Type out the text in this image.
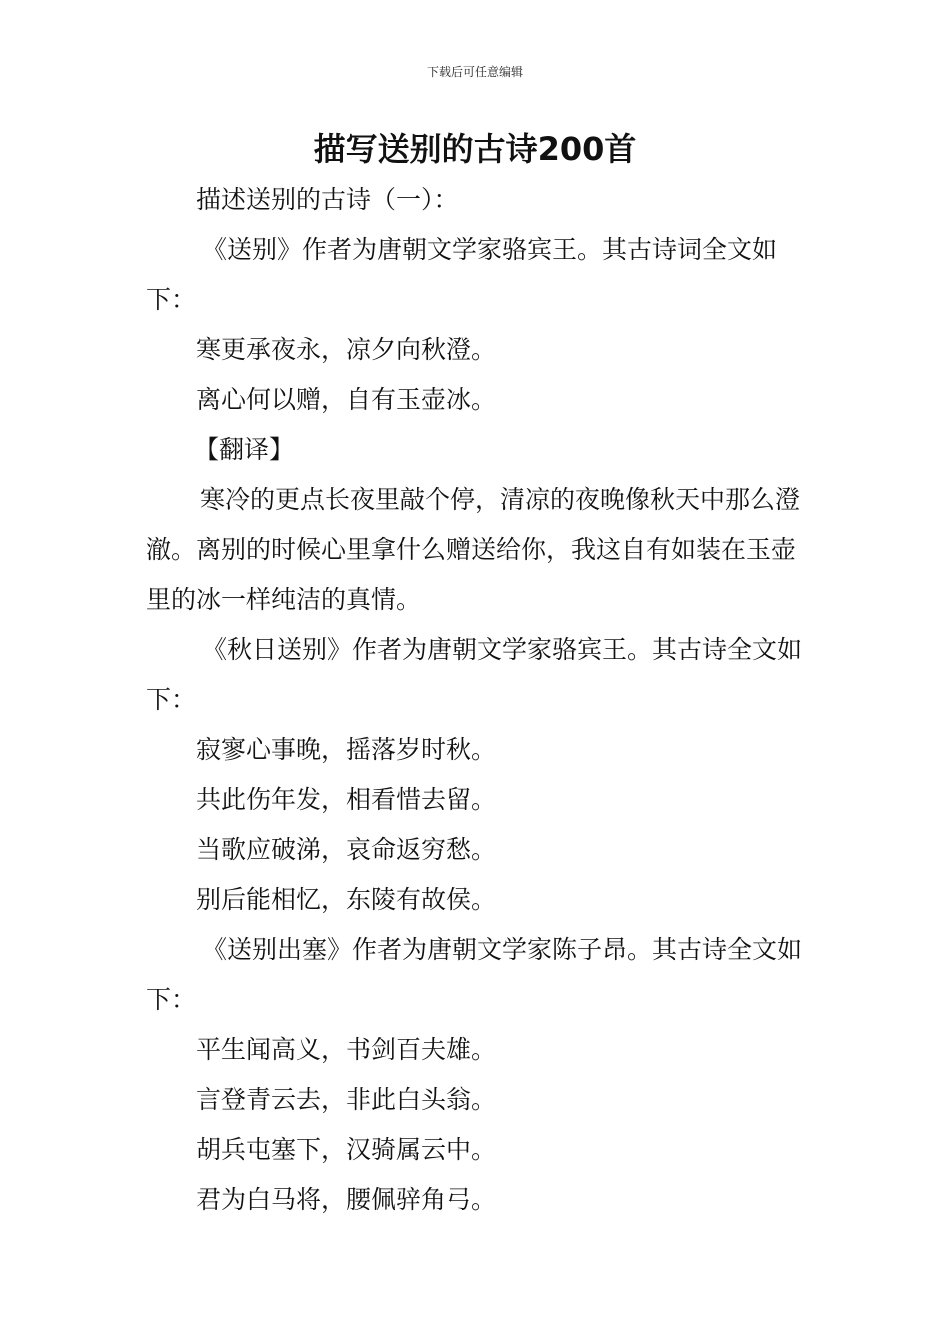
下载后可任意编辑
描写送别的古诗200首

描述送别的古诗（一）：

《送别》作者为唐朝文学家骆宾王。其古诗词全文如下：

寒更承夜永，凉夕向秋澄。

离心何以赠，自有玉壶冰。

【翻译】

寒冷的更点长夜里敲个停，清凉的夜晚像秋天中那么澄澈。离别的时候心里拿什么赠送给你，我这自有如装在玉壶里的冰一样纯洁的真情。

《秋日送别》作者为唐朝文学家骆宾王。其古诗全文如下：

寂寥心事晚，摇落岁时秋。

共此伤年发，相看惜去留。

当歌应破涕，哀命返穷愁。

别后能相忆，东陵有故侯。

《送别出塞》作者为唐朝文学家陈子昂。其古诗全文如下：

平生闻高义，书剑百夫雄。

言登青云去，非此白头翁。

胡兵屯塞下，汉骑属云中。

君为白马将，腰佩骍角弓。
